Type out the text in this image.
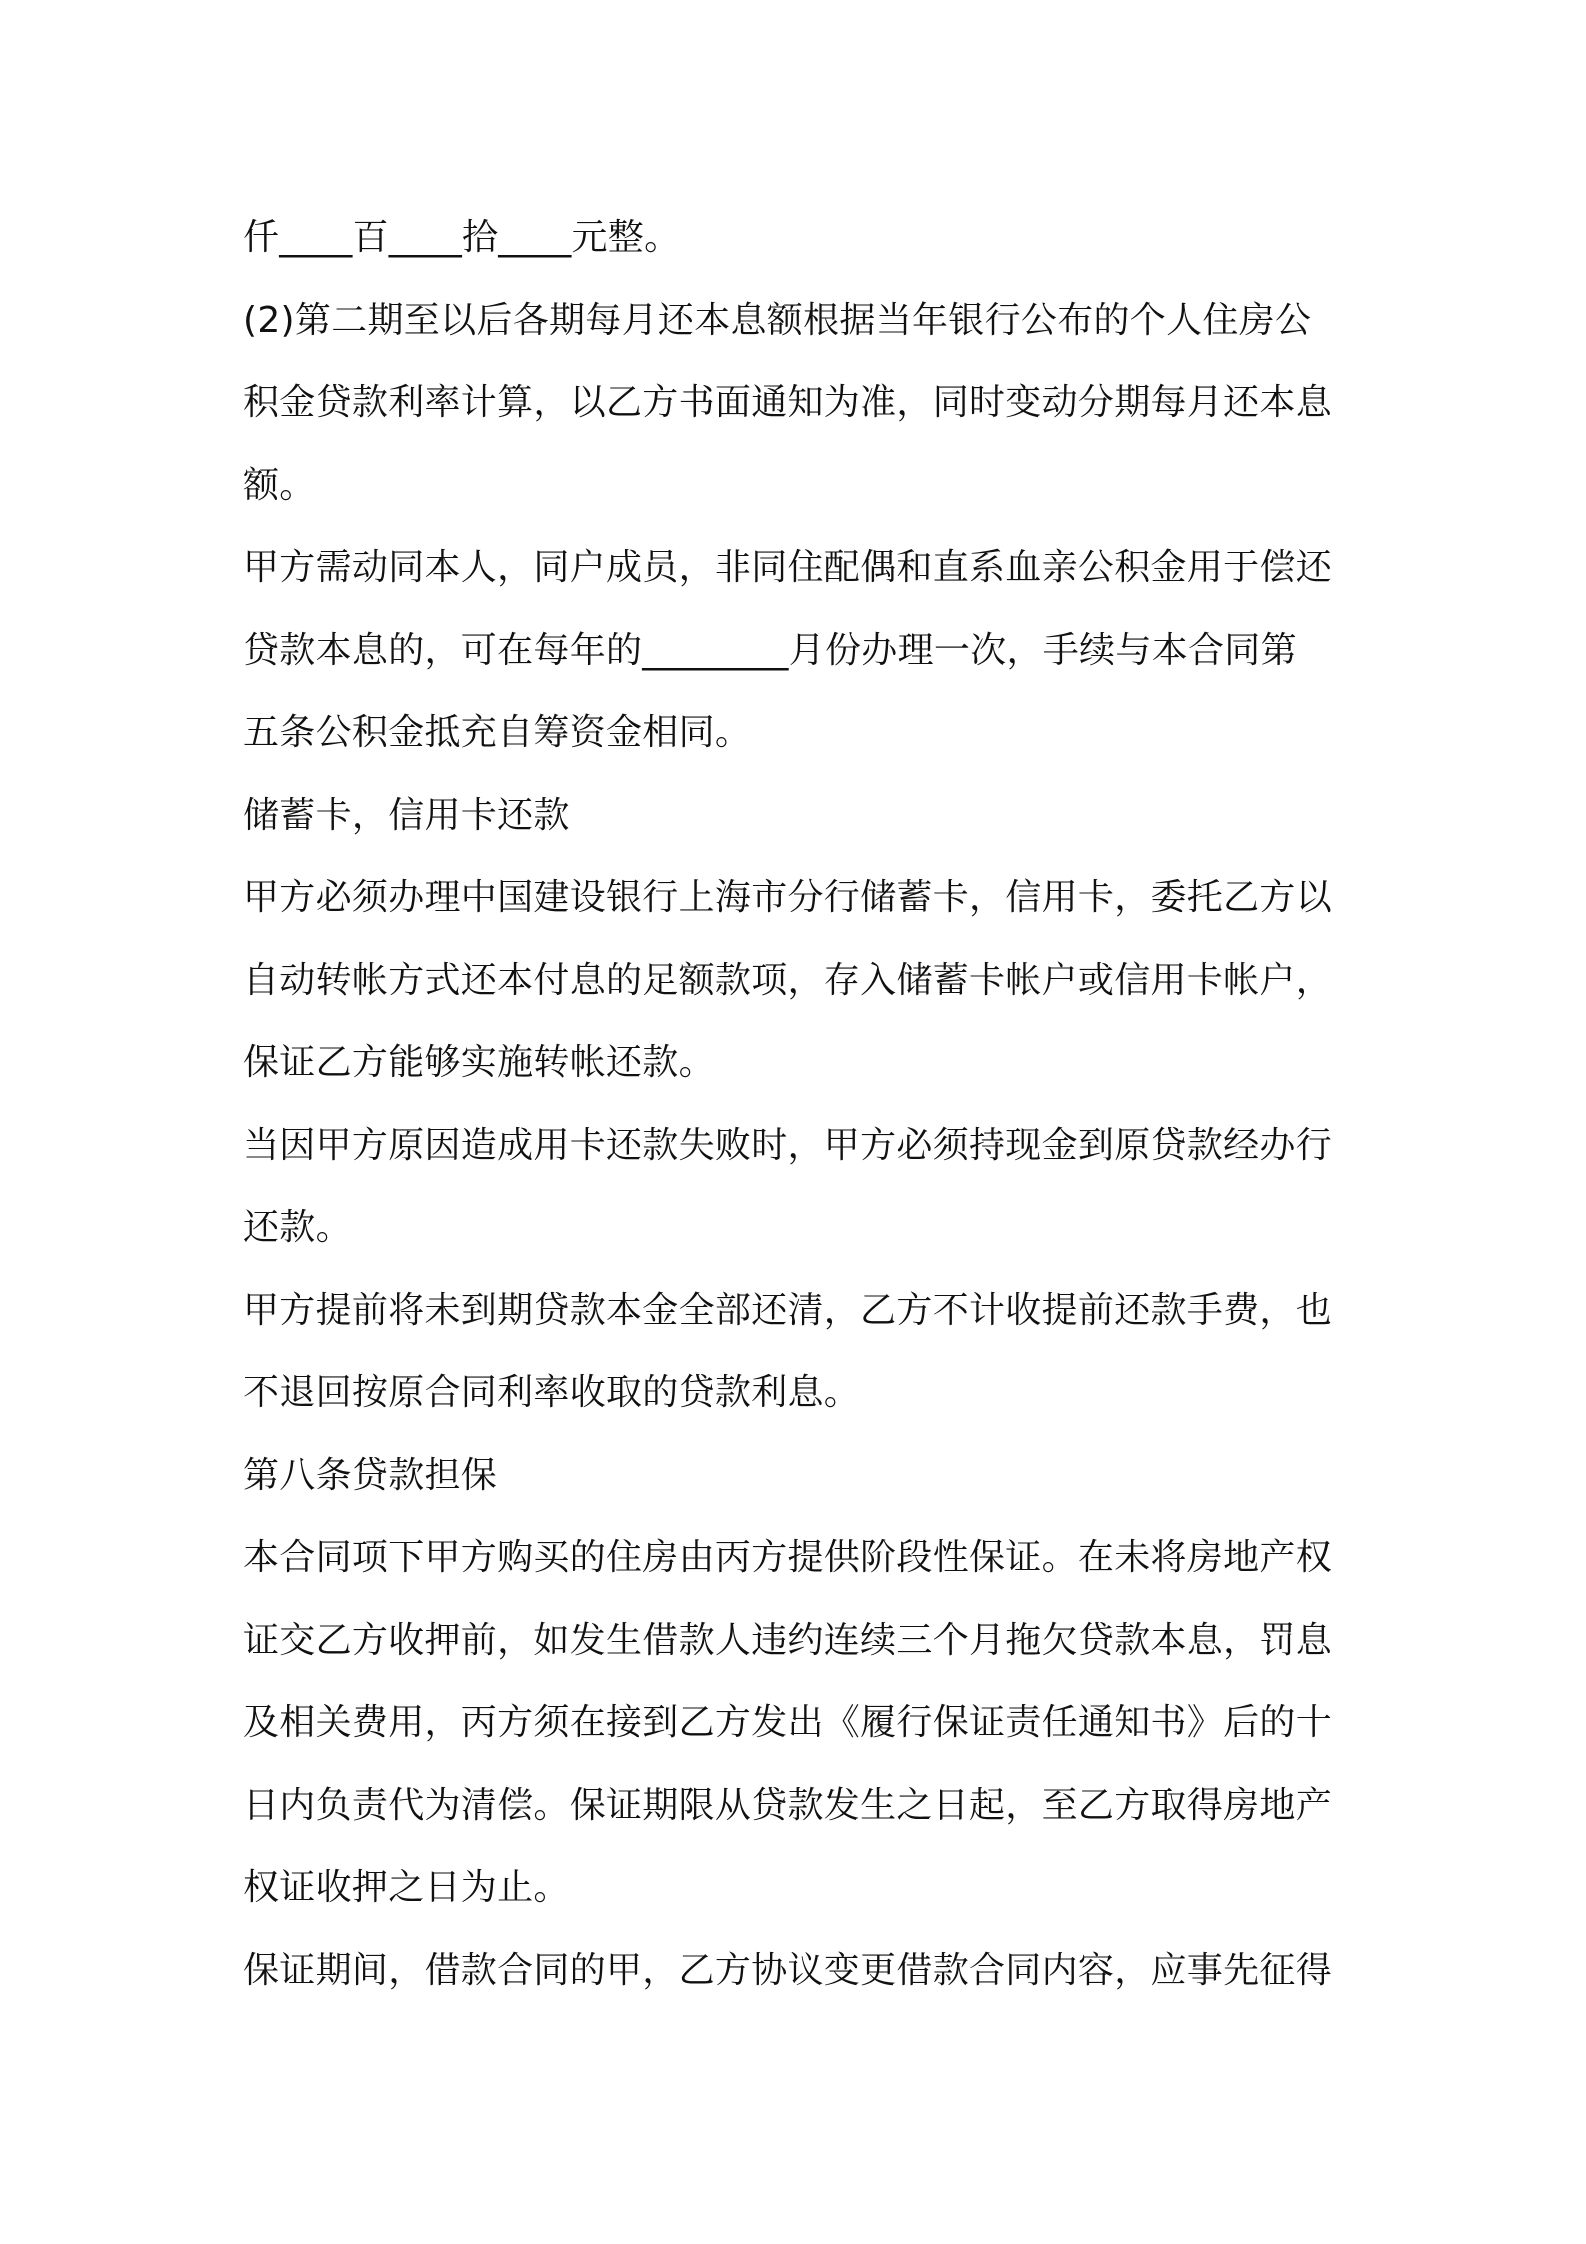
仟____百____拾____元整。
(2)第二期至以后各期每月还本息额根据当年银行公布的个人住房公
积金贷款利率计算，以乙方书面通知为准，同时变动分期每月还本息
额。
甲方需动同本人，同户成员，非同住配偶和直系血亲公积金用于偿还
贷款本息的，可在每年的________月份办理一次，手续与本合同第
五条公积金抵充自筹资金相同。
储蓄卡，信用卡还款
甲方必须办理中国建设银行上海市分行储蓄卡，信用卡，委托乙方以
自动转帐方式还本付息的足额款项，存入储蓄卡帐户或信用卡帐户，
保证乙方能够实施转帐还款。
当因甲方原因造成用卡还款失败时，甲方必须持现金到原贷款经办行
还款。
甲方提前将未到期贷款本金全部还清，乙方不计收提前还款手费，也
不退回按原合同利率收取的贷款利息。
第八条贷款担保
本合同项下甲方购买的住房由丙方提供阶段性保证。在未将房地产权
证交乙方收押前，如发生借款人违约连续三个月拖欠贷款本息，罚息
及相关费用，丙方须在接到乙方发出《履行保证责任通知书》后的十
日内负责代为清偿。保证期限从贷款发生之日起，至乙方取得房地产
权证收押之日为止。
保证期间，借款合同的甲，乙方协议变更借款合同内容，应事先征得
